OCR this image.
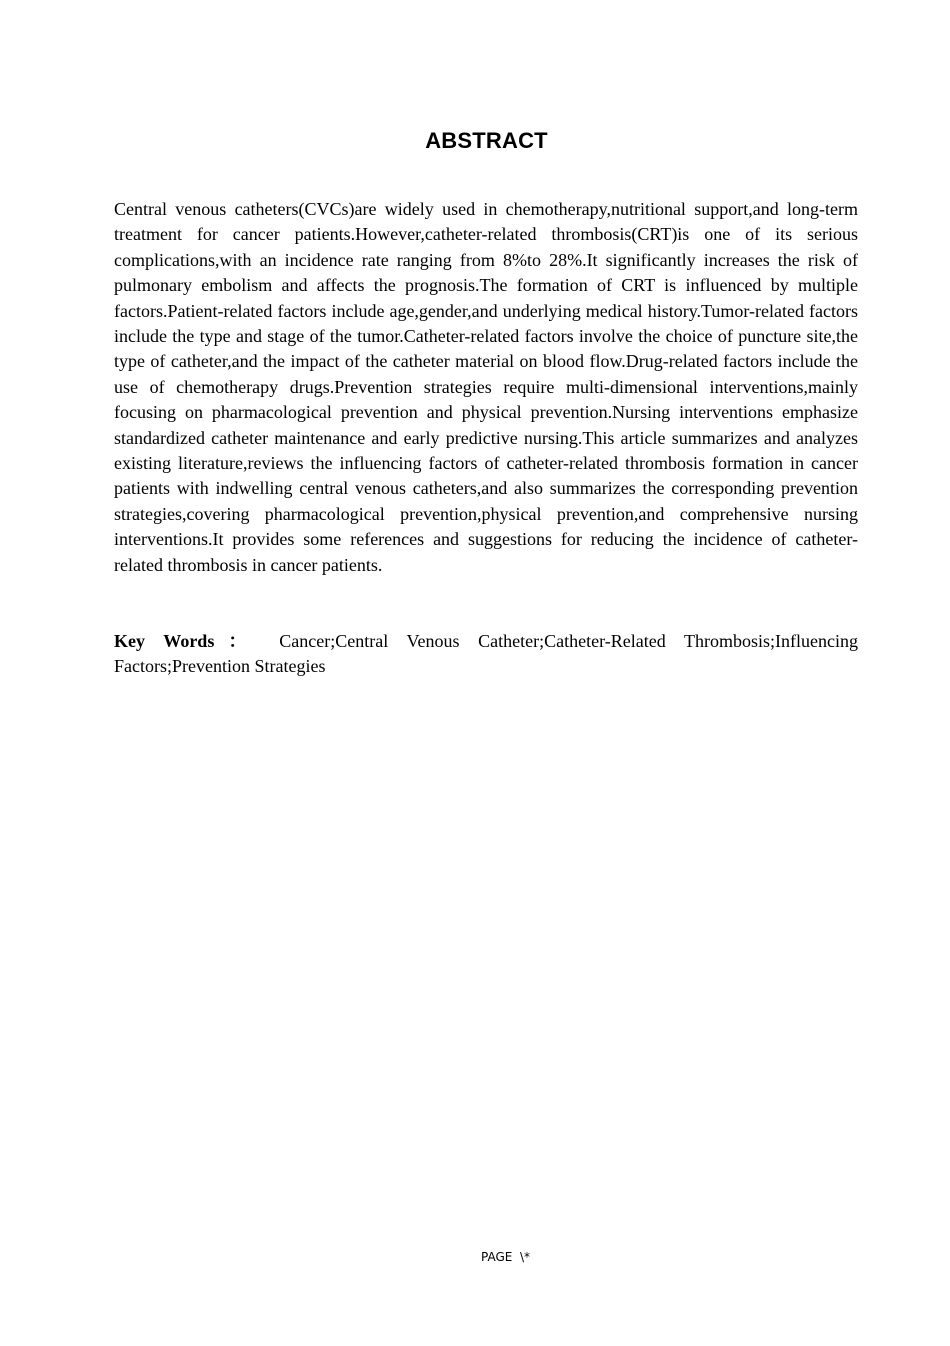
ABSTRACT

Central venous catheters(CVCs)are widely used in chemotherapy,nutritional support,and long-term treatment for cancer patients.However,catheter-related thrombosis(CRT)is one of its serious complications,with an incidence rate ranging from 8%to 28%.It significantly increases the risk of pulmonary embolism and affects the prognosis.The formation of CRT is influenced by multiple factors.Patient-related factors include age,gender,and underlying medical history.Tumor-related factors include the type and stage of the tumor.Catheter-related factors involve the choice of puncture site,the type of catheter,and the impact of the catheter material on blood flow.Drug-related factors include the use of chemotherapy drugs.Prevention strategies require multi-dimensional interventions,mainly focusing on pharmacological prevention and physical prevention.Nursing interventions emphasize standardized catheter maintenance and early predictive nursing.This article summarizes and analyzes existing literature,reviews the influencing factors of catheter-related thrombosis formation in cancer patients with indwelling central venous catheters,and also summarizes the corresponding prevention strategies,covering pharmacological prevention,physical prevention,and comprehensive nursing interventions.It provides some references and suggestions for reducing the incidence of catheter-related thrombosis in cancer patients.

Key Words： Cancer;Central Venous Catheter;Catheter-Related Thrombosis;Influencing Factors;Prevention Strategies

PAGE  \*
